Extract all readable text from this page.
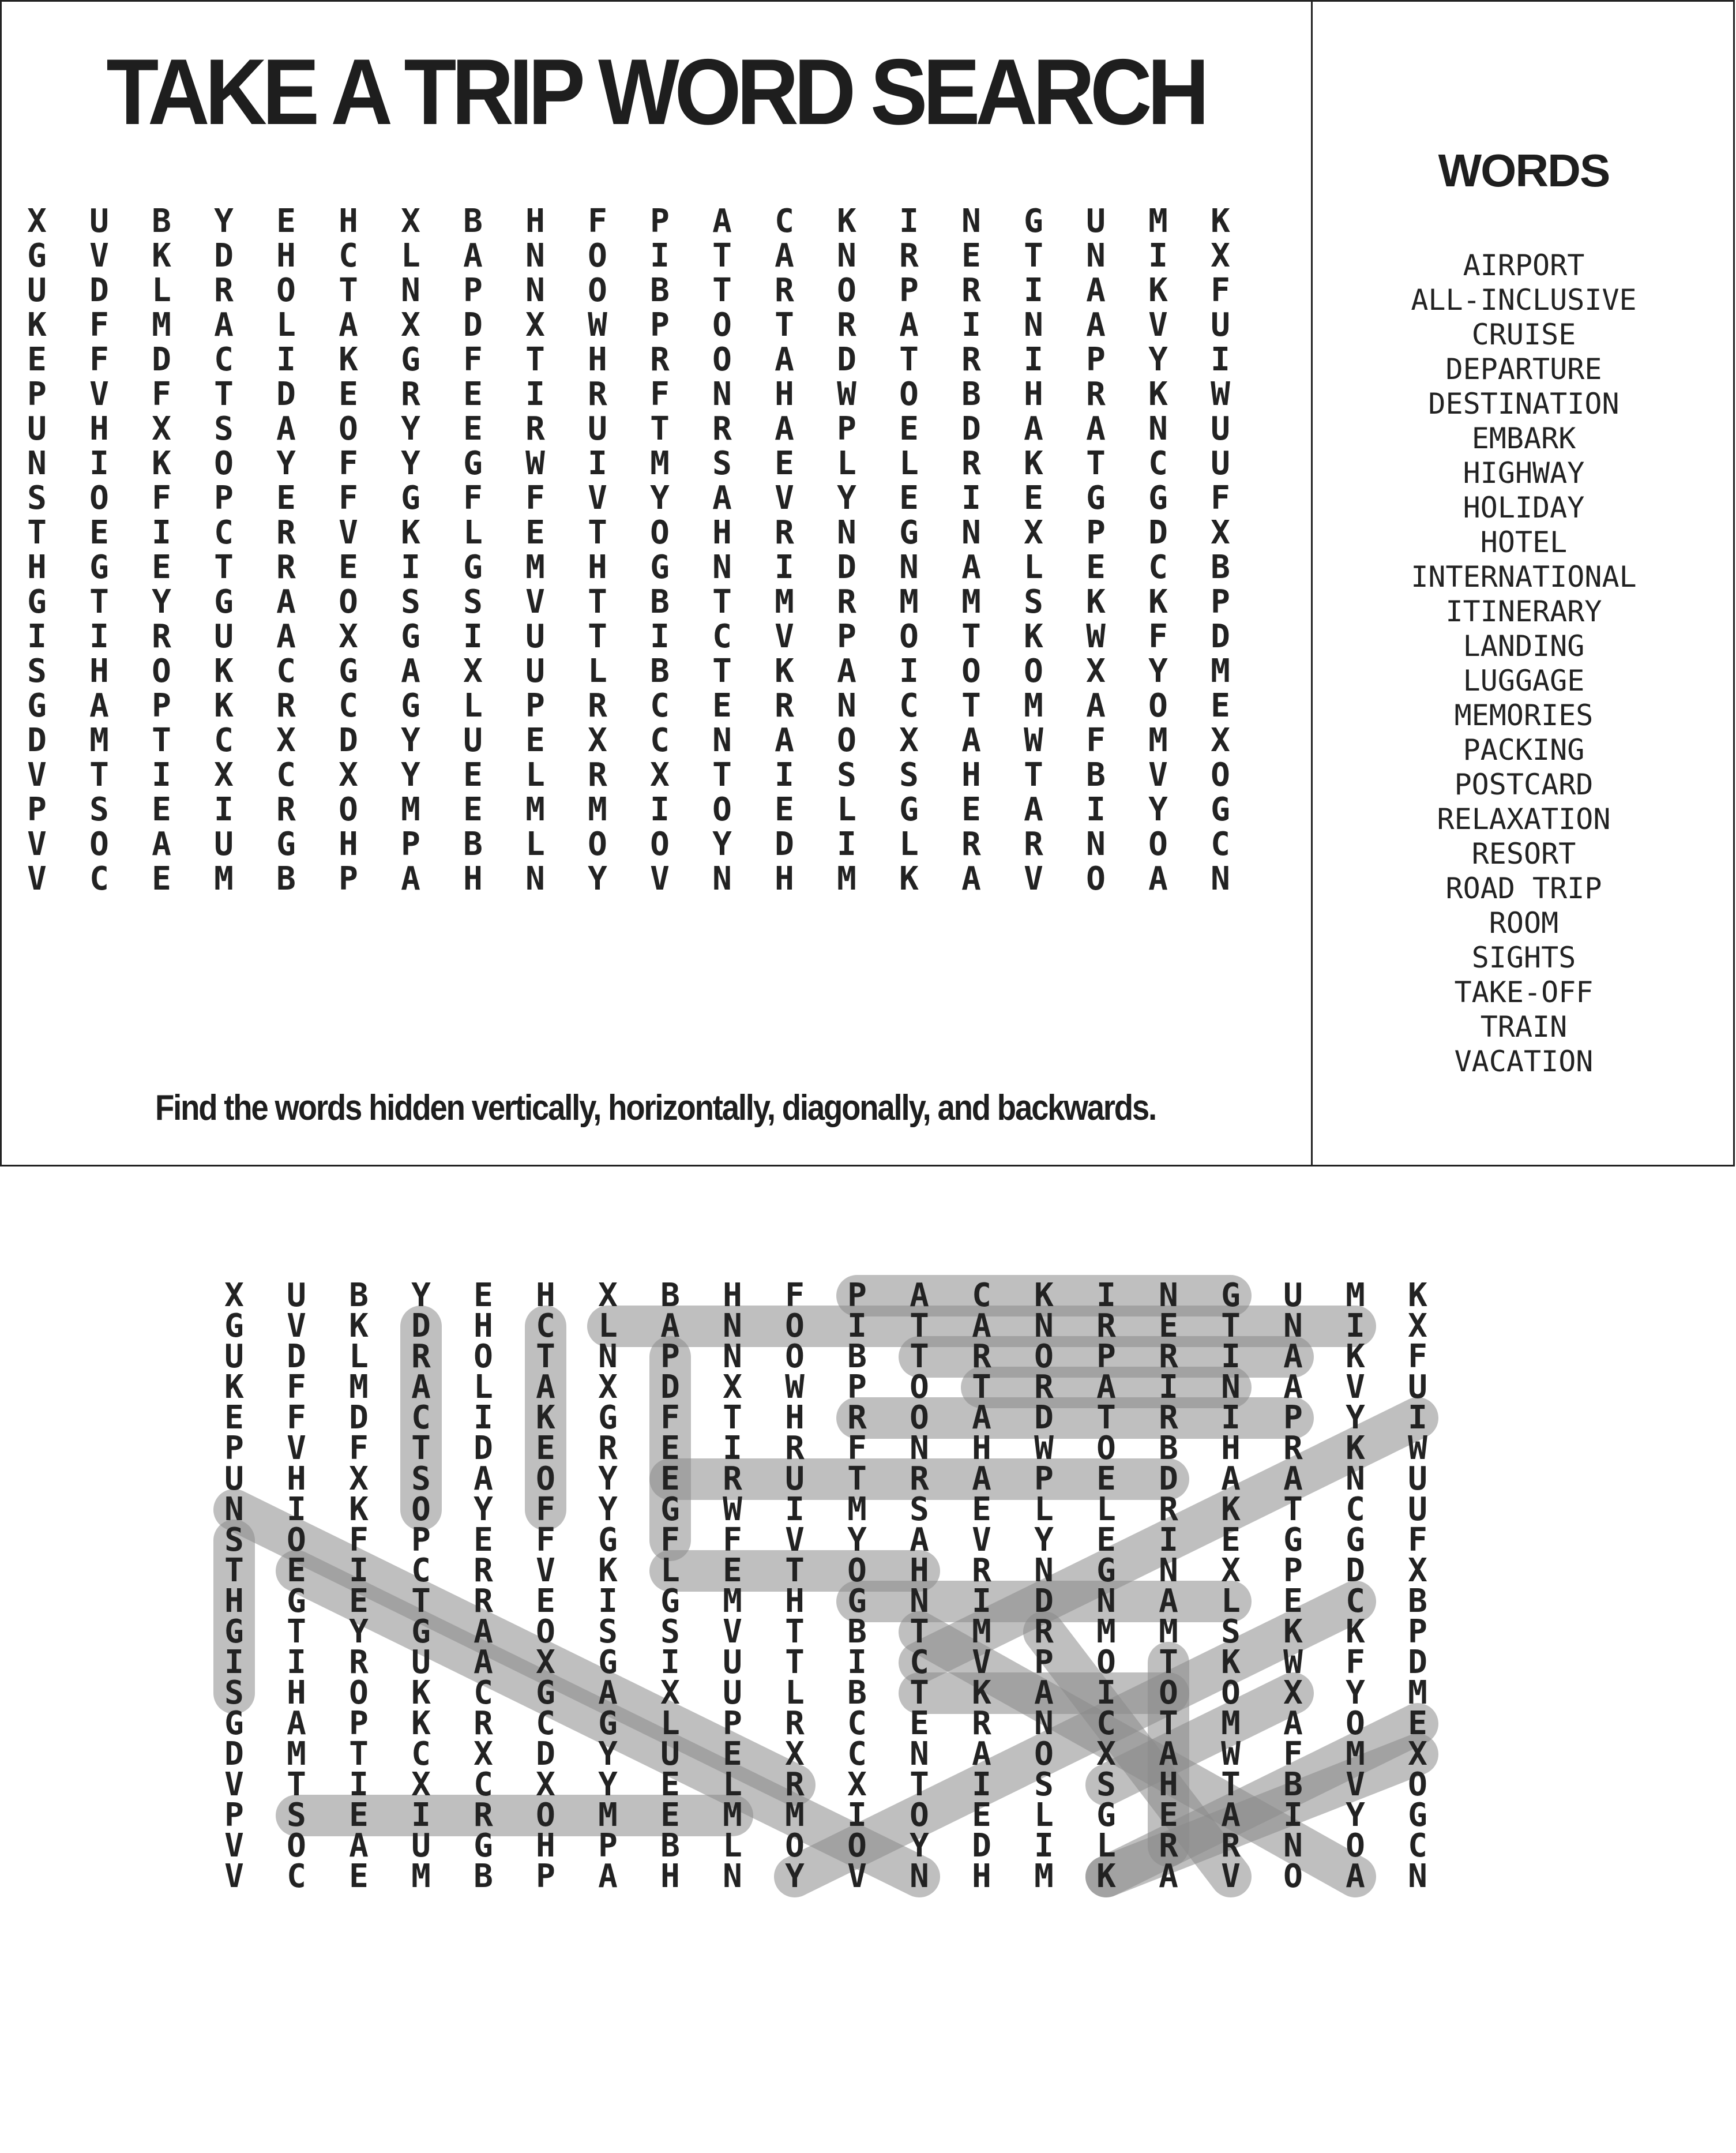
TAKE A TRIP WORD SEARCH
Find the words hidden vertically, horizontally, diagonally, and backwards.
WORDS
AIRPORT
ALL-INCLUSIVE
CRUISE
DEPARTURE
DESTINATION
EMBARK
HIGHWAY
HOLIDAY
HOTEL
INTERNATIONAL
ITINERARY
LANDING
LUGGAGE
MEMORIES
PACKING
POSTCARD
RELAXATION
RESORT
ROAD TRIP
ROOM
SIGHTS
TAKE-OFF
TRAIN
VACATION
X	U	B	Y	E	H	X	B	H	F	P	A	C	K	I	N	G	U	M	K
G	V	K	D	H	C	L	A	N	O	I	T	A	N	R	E	T	N	I	X
U	D	L	R	O	T	N	P	N	O	B	T	R	O	P	R	I	A	K	F
K	F	M	A	L	A	X	D	X	W	P	O	T	R	A	I	N	A	V	U
E	F	D	C	I	K	G	F	T	H	R	O	A	D	T	R	I	P	Y	I
P	V	F	T	D	E	R	E	I	R	F	N	H	W	O	B	H	R	K	W
U	H	X	S	A	O	Y	E	R	U	T	R	A	P	E	D	A	A	N	U
N	I	K	O	Y	F	Y	G	W	I	M	S	E	L	L	R	K	T	C	U
S	O	F	P	E	F	G	F	F	V	Y	A	V	Y	E	I	E	G	G	F
T	E	I	C	R	V	K	L	E	T	O	H	R	N	G	N	X	P	D	X
H	G	E	T	R	E	I	G	M	H	G	N	I	D	N	A	L	E	C	B
G	T	Y	G	A	O	S	S	V	T	B	T	M	R	M	M	S	K	K	P
I	I	R	U	A	X	G	I	U	T	I	C	V	P	O	T	K	W	F	D
S	H	O	K	C	G	A	X	U	L	B	T	K	A	I	O	O	X	Y	M
G	A	P	K	R	C	G	L	P	R	C	E	R	N	C	T	M	A	O	E
D	M	T	C	X	D	Y	U	E	X	C	N	A	O	X	A	W	F	M	X
V	T	I	X	C	X	Y	E	L	R	X	T	I	S	S	H	T	B	V	O
P	S	E	I	R	O	M	E	M	M	I	O	E	L	G	E	A	I	Y	G
V	O	A	U	G	H	P	B	L	O	O	Y	D	I	L	R	R	N	O	C
V	C	E	M	B	P	A	H	N	Y	V	N	H	M	K	A	V	O	A	N
X	U	B	Y	E	H	X	B	H	F	P	A	C	K	I	N	G	U	M	K
G	V	K	D	H	C	L	A	N	O	I	T	A	N	R	E	T	N	I	X
U	D	L	R	O	T	N	P	N	O	B	T	R	O	P	R	I	A	K	F
K	F	M	A	L	A	X	D	X	W	P	O	T	R	A	I	N	A	V	U
E	F	D	C	I	K	G	F	T	H	R	O	A	D	T	R	I	P	Y	I
P	V	F	T	D	E	R	E	I	R	F	N	H	W	O	B	H	R	K	W
U	H	X	S	A	O	Y	E	R	U	T	R	A	P	E	D	A	A	N	U
N	I	K	O	Y	F	Y	G	W	I	M	S	E	L	L	R	K	T	C	U
S	O	F	P	E	F	G	F	F	V	Y	A	V	Y	E	I	E	G	G	F
T	E	I	C	R	V	K	L	E	T	O	H	R	N	G	N	X	P	D	X
H	G	E	T	R	E	I	G	M	H	G	N	I	D	N	A	L	E	C	B
G	T	Y	G	A	O	S	S	V	T	B	T	M	R	M	M	S	K	K	P
I	I	R	U	A	X	G	I	U	T	I	C	V	P	O	T	K	W	F	D
S	H	O	K	C	G	A	X	U	L	B	T	K	A	I	O	O	X	Y	M
G	A	P	K	R	C	G	L	P	R	C	E	R	N	C	T	M	A	O	E
D	M	T	C	X	D	Y	U	E	X	C	N	A	O	X	A	W	F	M	X
V	T	I	X	C	X	Y	E	L	R	X	T	I	S	S	H	T	B	V	O
P	S	E	I	R	O	M	E	M	M	I	O	E	L	G	E	A	I	Y	G
V	O	A	U	G	H	P	B	L	O	O	Y	D	I	L	R	R	N	O	C
V	C	E	M	B	P	A	H	N	Y	V	N	H	M	K	A	V	O	A	N
